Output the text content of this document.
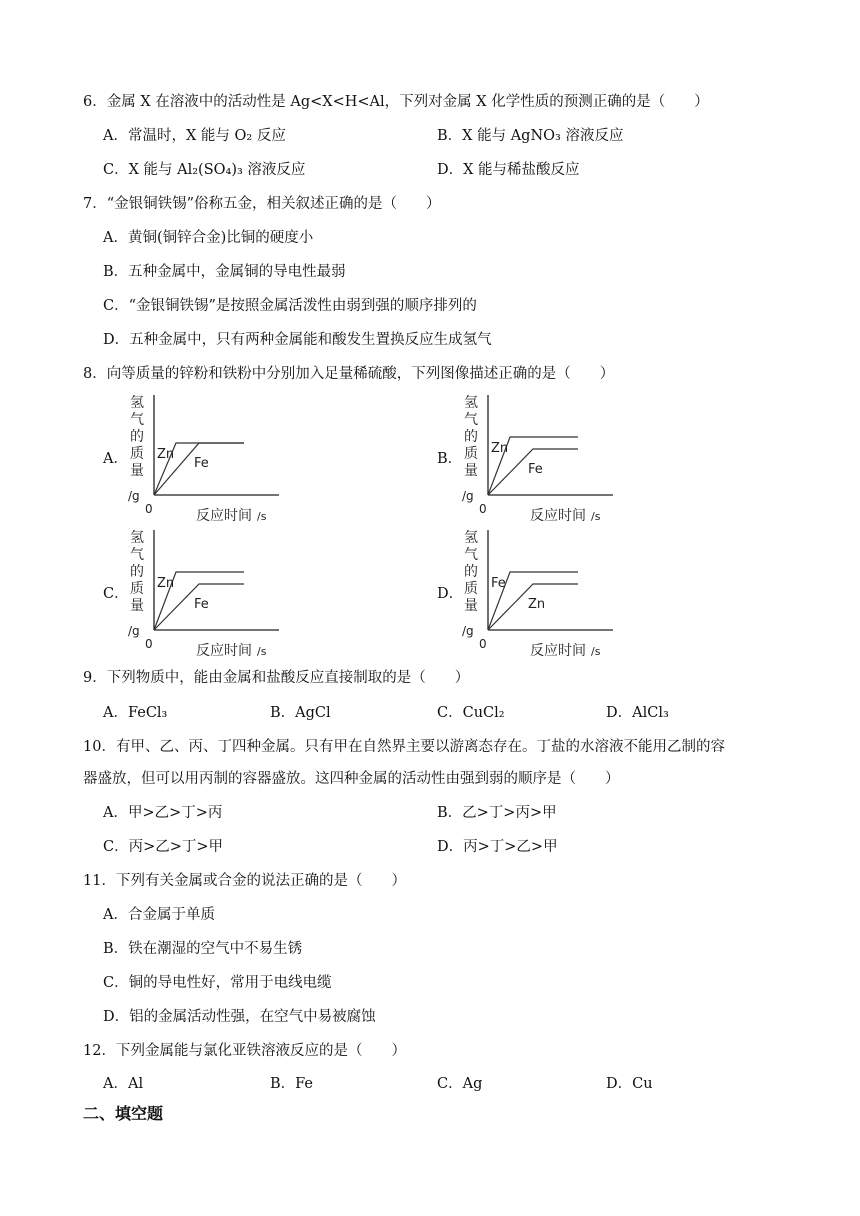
6．金属 X 在溶液中的活动性是 Ag<X<H<Al，下列对金属 X 化学性质的预测正确的是（　　）
A．常温时，X 能与 O₂ 反应	B．X 能与 AgNO₃ 溶液反应
C．X 能与 Al₂(SO₄)₃ 溶液反应	D．X 能与稀盐酸反应
7．“金银铜铁锡”俗称五金，相关叙述正确的是（　　）
A．黄铜(铜锌合金)比铜的硬度小
B．五种金属中，金属铜的导电性最弱
C．“金银铜铁锡”是按照金属活泼性由弱到强的顺序排列的
D．五种金属中，只有两种金属能和酸发生置换反应生成氢气
8．向等质量的锌粉和铁粉中分别加入足量稀硫酸，下列图像描述正确的是（　　）
A．	B．
C．	D．
氢
气
的
质
量
/g
0	反应时间 /s
Zn
Fe
氢
气
的
质
量
/g
0	反应时间 /s
Zn
Fe
氢
气
的
质
量
/g
0	反应时间 /s
Zn
Fe
氢
气
的
质
量
/g
0	反应时间 /s
Fe
Zn
9．下列物质中，能由金属和盐酸反应直接制取的是（　　）
A．FeCl₃	B．AgCl	C．CuCl₂	D．AlCl₃
10．有甲、乙、丙、丁四种金属。只有甲在自然界主要以游离态存在。丁盐的水溶液不能用乙制的容
器盛放，但可以用丙制的容器盛放。这四种金属的活动性由强到弱的顺序是（　　）
A．甲>乙>丁>丙	B．乙>丁>丙>甲
C．丙>乙>丁>甲	D．丙>丁>乙>甲
11．下列有关金属或合金的说法正确的是（　　）
A．合金属于单质
B．铁在潮湿的空气中不易生锈
C．铜的导电性好，常用于电线电缆
D．铝的金属活动性强，在空气中易被腐蚀
12．下列金属能与氯化亚铁溶液反应的是（　　）
A．Al	B．Fe	C．Ag	D．Cu
二、填空题
